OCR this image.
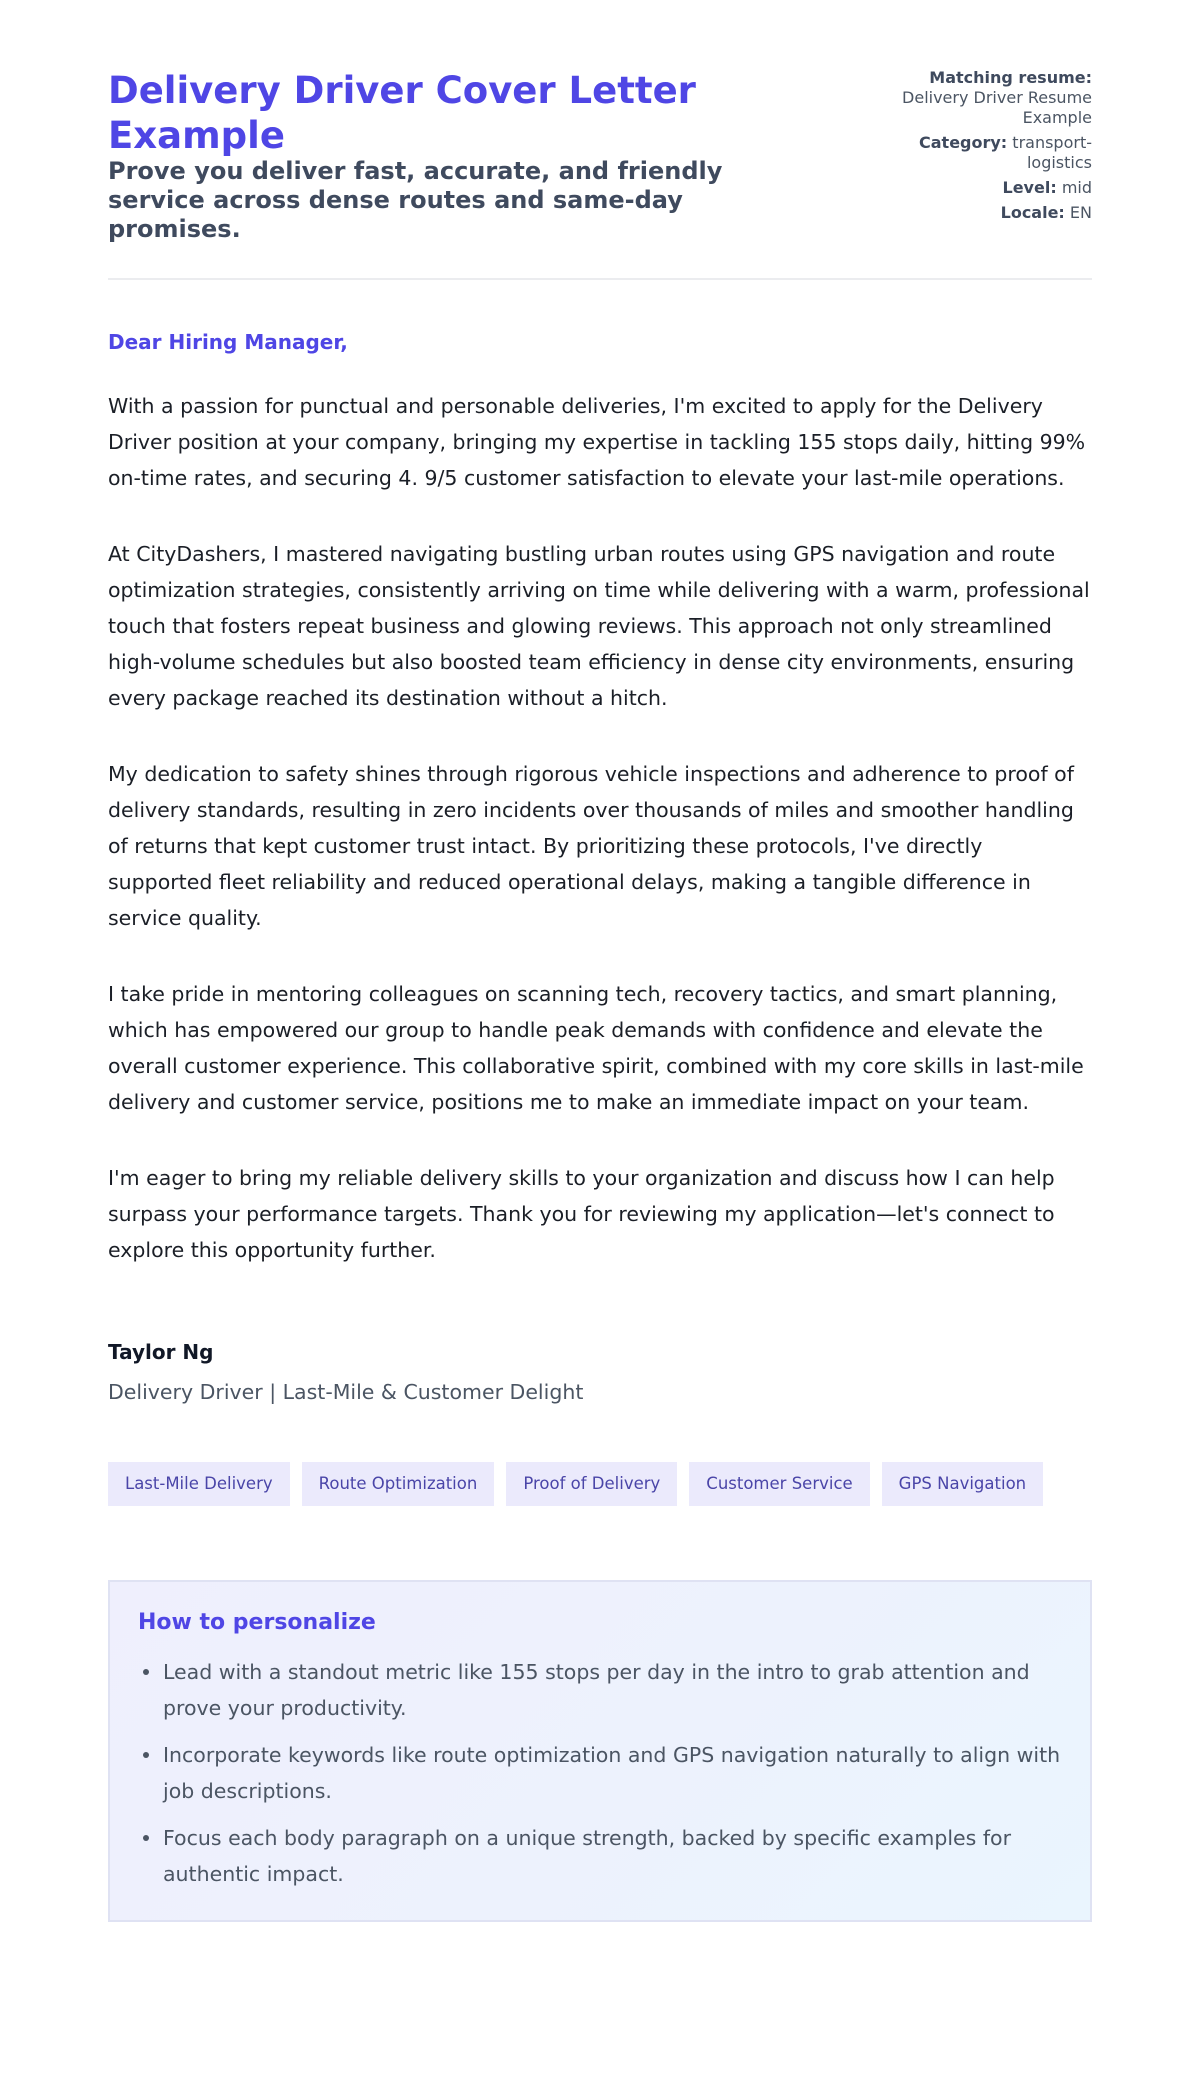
Delivery Driver Cover Letter Example
Prove you deliver fast, accurate, and friendly service across dense routes and same-day promises.
Matching resume: Delivery Driver Resume Example
Category: transport-logistics
Level: mid
Locale: EN

Dear Hiring Manager,

With a passion for punctual and personable deliveries, I'm excited to apply for the Delivery Driver position at your company, bringing my expertise in tackling 155 stops daily, hitting 99% on-time rates, and securing 4. 9/5 customer satisfaction to elevate your last-mile operations.

At CityDashers, I mastered navigating bustling urban routes using GPS navigation and route optimization strategies, consistently arriving on time while delivering with a warm, professional touch that fosters repeat business and glowing reviews. This approach not only streamlined high-volume schedules but also boosted team efficiency in dense city environments, ensuring every package reached its destination without a hitch.

My dedication to safety shines through rigorous vehicle inspections and adherence to proof of delivery standards, resulting in zero incidents over thousands of miles and smoother handling of returns that kept customer trust intact. By prioritizing these protocols, I've directly supported fleet reliability and reduced operational delays, making a tangible difference in service quality.

I take pride in mentoring colleagues on scanning tech, recovery tactics, and smart planning, which has empowered our group to handle peak demands with confidence and elevate the overall customer experience. This collaborative spirit, combined with my core skills in last-mile delivery and customer service, positions me to make an immediate impact on your team.

I'm eager to bring my reliable delivery skills to your organization and discuss how I can help surpass your performance targets. Thank you for reviewing my application—let's connect to explore this opportunity further.

Taylor Ng
Delivery Driver | Last-Mile & Customer Delight
Last-Mile Delivery	Route Optimization	Proof of Delivery	Customer Service	GPS Navigation
How to personalize
Lead with a standout metric like 155 stops per day in the intro to grab attention and prove your productivity.
Incorporate keywords like route optimization and GPS navigation naturally to align with job descriptions.
Focus each body paragraph on a unique strength, backed by specific examples for authentic impact.
